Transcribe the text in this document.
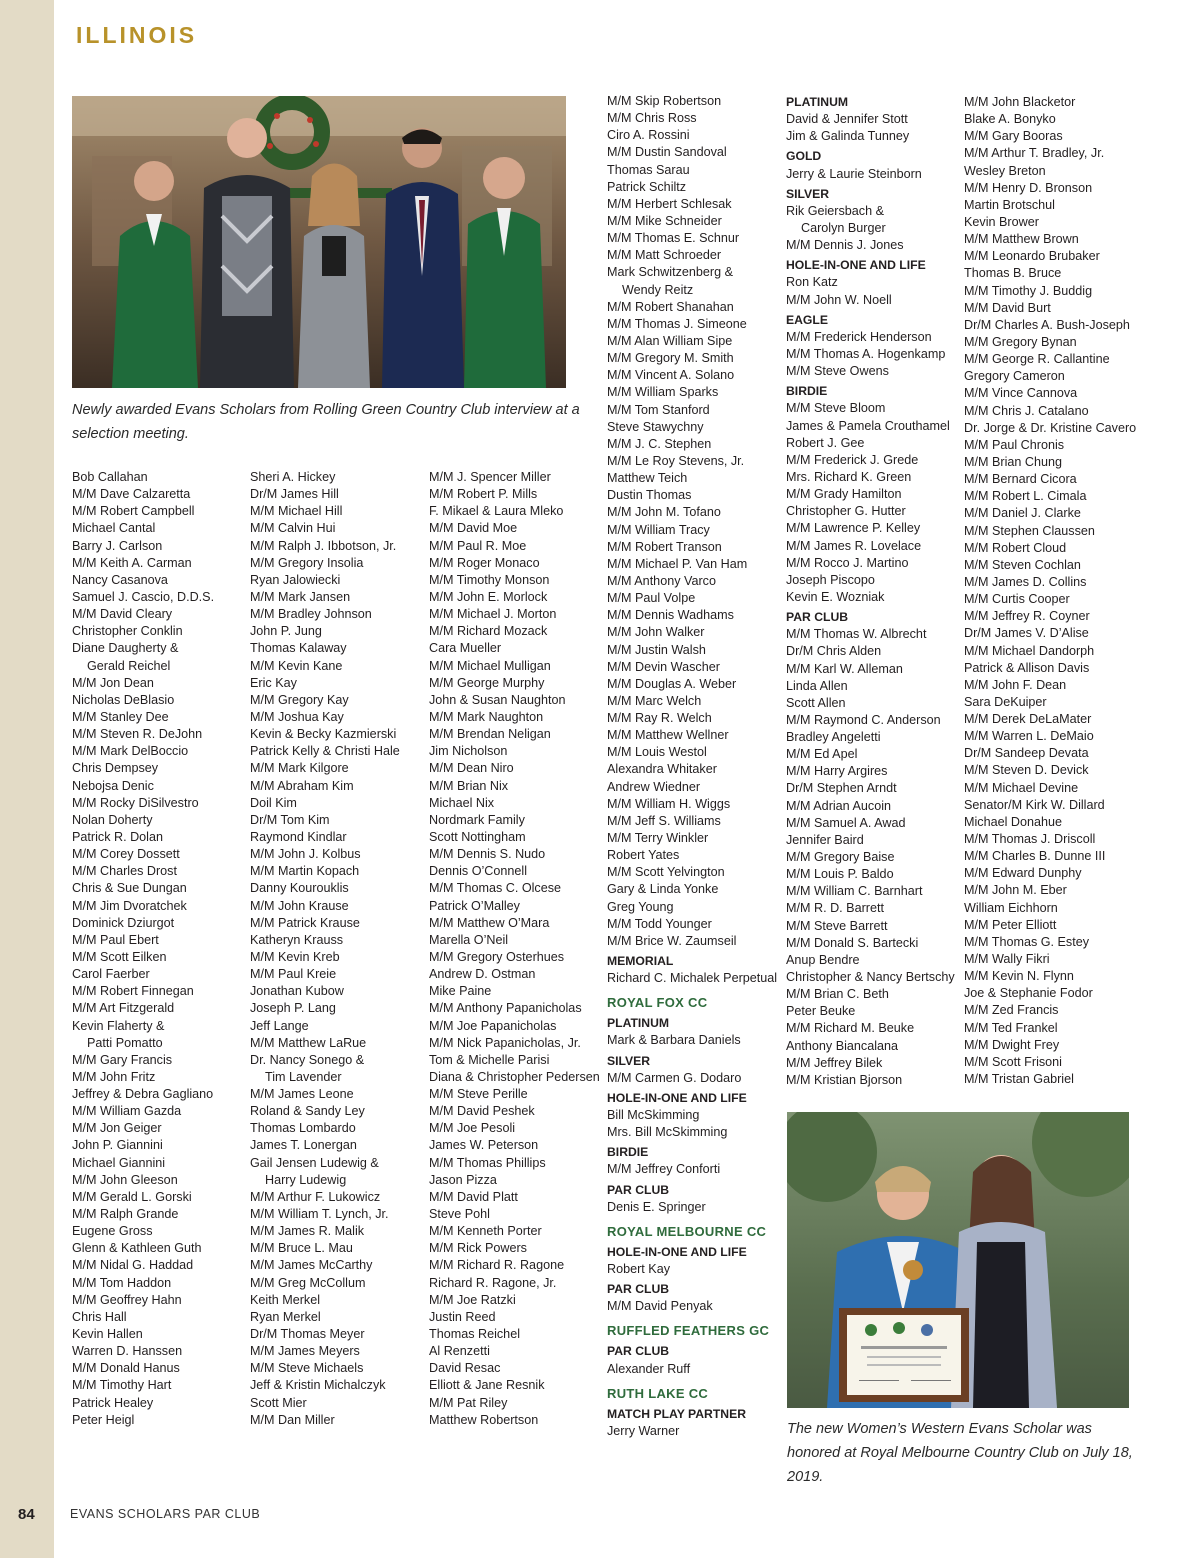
ILLINOIS
Newly awarded Evans Scholars from Rolling Green Country Club interview at a selection meeting.
The new Women’s Western Evans Scholar was honored at Royal Melbourne Country Club on July 18, 2019.
Bob Callahan
M/M Dave Calzaretta
M/M Robert Campbell
Michael Cantal
Barry J. Carlson
M/M Keith A. Carman
Nancy Casanova
Samuel J. Cascio, D.D.S.
M/M David Cleary
Christopher Conklin
Diane Daugherty &
Gerald Reichel
M/M Jon Dean
Nicholas DeBlasio
M/M Stanley Dee
M/M Steven R. DeJohn
M/M Mark DelBoccio
Chris Dempsey
Nebojsa Denic
M/M Rocky DiSilvestro
Nolan Doherty
Patrick R. Dolan
M/M Corey Dossett
M/M Charles Drost
Chris & Sue Dungan
M/M Jim Dvoratchek
Dominick Dziurgot
M/M Paul Ebert
M/M Scott Eilken
Carol Faerber
M/M Robert Finnegan
M/M Art Fitzgerald
Kevin Flaherty &
Patti Pomatto
M/M Gary Francis
M/M John Fritz
Jeffrey & Debra Gagliano
M/M William Gazda
M/M Jon Geiger
John P. Giannini
Michael Giannini
M/M John Gleeson
M/M Gerald L. Gorski
M/M Ralph Grande
Eugene Gross
Glenn & Kathleen Guth
M/M Nidal G. Haddad
M/M Tom Haddon
M/M Geoffrey Hahn
Chris Hall
Kevin Hallen
Warren D. Hanssen
M/M Donald Hanus
M/M Timothy Hart
Patrick Healey
Peter Heigl
Sheri A. Hickey
Dr/M James Hill
M/M Michael Hill
M/M Calvin Hui
M/M Ralph J. Ibbotson, Jr.
M/M Gregory Insolia
Ryan Jalowiecki
M/M Mark Jansen
M/M Bradley Johnson
John P. Jung
Thomas Kalaway
M/M Kevin Kane
Eric Kay
M/M Gregory Kay
M/M Joshua Kay
Kevin & Becky Kazmierski
Patrick Kelly & Christi Hale
M/M Mark Kilgore
M/M Abraham Kim
Doil Kim
Dr/M Tom Kim
Raymond Kindlar
M/M John J. Kolbus
M/M Martin Kopach
Danny Kourouklis
M/M John Krause
M/M Patrick Krause
Katheryn Krauss
M/M Kevin Kreb
M/M Paul Kreie
Jonathan Kubow
Joseph P. Lang
Jeff Lange
M/M Matthew LaRue
Dr. Nancy Sonego &
Tim Lavender
M/M James Leone
Roland & Sandy Ley
Thomas Lombardo
James T. Lonergan
Gail Jensen Ludewig &
Harry Ludewig
M/M Arthur F. Lukowicz
M/M William T. Lynch, Jr.
M/M James R. Malik
M/M Bruce L. Mau
M/M James McCarthy
M/M Greg McCollum
Keith Merkel
Ryan Merkel
Dr/M Thomas Meyer
M/M James Meyers
M/M Steve Michaels
Jeff & Kristin Michalczyk
Scott Mier
M/M Dan Miller
M/M J. Spencer Miller
M/M Robert P. Mills
F. Mikael & Laura Mleko
M/M David Moe
M/M Paul R. Moe
M/M Roger Monaco
M/M Timothy Monson
M/M John E. Morlock
M/M Michael J. Morton
M/M Richard Mozack
Cara Mueller
M/M Michael Mulligan
M/M George Murphy
John & Susan Naughton
M/M Mark Naughton
M/M Brendan Neligan
Jim Nicholson
M/M Dean Niro
M/M Brian Nix
Michael Nix
Nordmark Family
Scott Nottingham
M/M Dennis S. Nudo
Dennis O’Connell
M/M Thomas C. Olcese
Patrick O’Malley
M/M Matthew O’Mara
Marella O’Neil
M/M Gregory Osterhues
Andrew D. Ostman
Mike Paine
M/M Anthony Papanicholas
M/M Joe Papanicholas
M/M Nick Papanicholas, Jr.
Tom & Michelle Parisi
Diana & Christopher Pedersen
M/M Steve Perille
M/M David Peshek
M/M Joe Pesoli
James W. Peterson
M/M Thomas Phillips
Jason Pizza
M/M David Platt
Steve Pohl
M/M Kenneth Porter
M/M Rick Powers
M/M Richard R. Ragone
Richard R. Ragone, Jr.
M/M Joe Ratzki
Justin Reed
Thomas Reichel
Al Renzetti
David Resac
Elliott & Jane Resnik
M/M Pat Riley
Matthew Robertson
M/M Skip Robertson
M/M Chris Ross
Ciro A. Rossini
M/M Dustin Sandoval
Thomas Sarau
Patrick Schiltz
M/M Herbert Schlesak
M/M Mike Schneider
M/M Thomas E. Schnur
M/M Matt Schroeder
Mark Schwitzenberg &
Wendy Reitz
M/M Robert Shanahan
M/M Thomas J. Simeone
M/M Alan William Sipe
M/M Gregory M. Smith
M/M Vincent A. Solano
M/M William Sparks
M/M Tom Stanford
Steve Stawychny
M/M J. C. Stephen
M/M Le Roy Stevens, Jr.
Matthew Teich
Dustin Thomas
M/M John M. Tofano
M/M William Tracy
M/M Robert Transon
M/M Michael P. Van Ham
M/M Anthony Varco
M/M Paul Volpe
M/M Dennis Wadhams
M/M John Walker
M/M Justin Walsh
M/M Devin Wascher
M/M Douglas A. Weber
M/M Marc Welch
M/M Ray R. Welch
M/M Matthew Wellner
M/M Louis Westol
Alexandra Whitaker
Andrew Wiedner
M/M William H. Wiggs
M/M Jeff S. Williams
M/M Terry Winkler
Robert Yates
M/M Scott Yelvington
Gary & Linda Yonke
Greg Young
M/M Todd Younger
M/M Brice W. Zaumseil
MEMORIAL
Richard C. Michalek Perpetual
ROYAL FOX CC
PLATINUM
Mark & Barbara Daniels
SILVER
M/M Carmen G. Dodaro
HOLE-IN-ONE AND LIFE
Bill McSkimming
Mrs. Bill McSkimming
BIRDIE
M/M Jeffrey Conforti
PAR CLUB
Denis E. Springer
ROYAL MELBOURNE CC
HOLE-IN-ONE AND LIFE
Robert Kay
PAR CLUB
M/M David Penyak
RUFFLED FEATHERS GC
PAR CLUB
Alexander Ruff
RUTH LAKE CC
MATCH PLAY PARTNER
Jerry Warner
PLATINUM
David & Jennifer Stott
Jim & Galinda Tunney
GOLD
Jerry & Laurie Steinborn
SILVER
Rik Geiersbach &
Carolyn Burger
M/M Dennis J. Jones
HOLE-IN-ONE AND LIFE
Ron Katz
M/M John W. Noell
EAGLE
M/M Frederick Henderson
M/M Thomas A. Hogenkamp
M/M Steve Owens
BIRDIE
M/M Steve Bloom
James & Pamela Crouthamel
Robert J. Gee
M/M Frederick J. Grede
Mrs. Richard K. Green
M/M Grady Hamilton
Christopher G. Hutter
M/M Lawrence P. Kelley
M/M James R. Lovelace
M/M Rocco J. Martino
Joseph Piscopo
Kevin E. Wozniak
PAR CLUB
M/M Thomas W. Albrecht
Dr/M Chris Alden
M/M Karl W. Alleman
Linda Allen
Scott Allen
M/M Raymond C. Anderson
Bradley Angeletti
M/M Ed Apel
M/M Harry Argires
Dr/M Stephen Arndt
M/M Adrian Aucoin
M/M Samuel A. Awad
Jennifer Baird
M/M Gregory Baise
M/M Louis P. Baldo
M/M William C. Barnhart
M/M R. D. Barrett
M/M Steve Barrett
M/M Donald S. Bartecki
Anup Bendre
Christopher & Nancy Bertschy
M/M Brian C. Beth
Peter Beuke
M/M Richard M. Beuke
Anthony Biancalana
M/M Jeffrey Bilek
M/M Kristian Bjorson
M/M John Blacketor
Blake A. Bonyko
M/M Gary Booras
M/M Arthur T. Bradley, Jr.
Wesley Breton
M/M Henry D. Bronson
Martin Brotschul
Kevin Brower
M/M Matthew Brown
M/M Leonardo Brubaker
Thomas B. Bruce
M/M Timothy J. Buddig
M/M David Burt
Dr/M Charles A. Bush-Joseph
M/M Gregory Bynan
M/M George R. Callantine
Gregory Cameron
M/M Vince Cannova
M/M Chris J. Catalano
Dr. Jorge & Dr. Kristine Cavero
M/M Paul Chronis
M/M Brian Chung
M/M Bernard Cicora
M/M Robert L. Cimala
M/M Daniel J. Clarke
M/M Stephen Claussen
M/M Robert Cloud
M/M Steven Cochlan
M/M James D. Collins
M/M Curtis Cooper
M/M Jeffrey R. Coyner
Dr/M James V. D’Alise
M/M Michael Dandorph
Patrick & Allison Davis
M/M John F. Dean
Sara DeKuiper
M/M Derek DeLaMater
M/M Warren L. DeMaio
Dr/M Sandeep Devata
M/M Steven D. Devick
M/M Michael Devine
Senator/M Kirk W. Dillard
Michael Donahue
M/M Thomas J. Driscoll
M/M Charles B. Dunne III
M/M Edward Dunphy
M/M John M. Eber
William Eichhorn
M/M Peter Elliott
M/M Thomas G. Estey
M/M Wally Fikri
M/M Kevin N. Flynn
Joe & Stephanie Fodor
M/M Zed Francis
M/M Ted Frankel
M/M Dwight Frey
M/M Scott Frisoni
M/M Tristan Gabriel
84	EVANS SCHOLARS PAR CLUB
